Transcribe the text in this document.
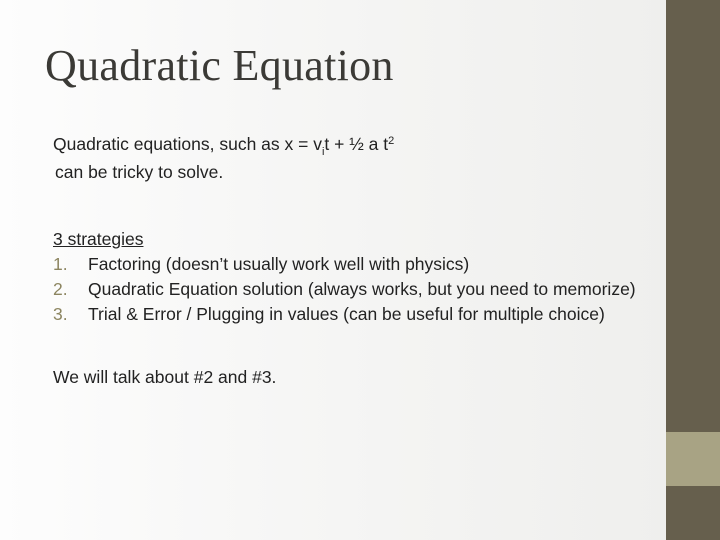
Quadratic Equation

Quadratic equations, such as $x = v_it$ + ½ a $t^2$

can be tricky to solve.

3 strategies

1.	Factoring (doesn’t usually work well with physics)
2.	Quadratic Equation solution (always works, but you need to memorize)
3.	Trial & Error / Plugging in values (can be useful for multiple choice)

We will talk about #2 and #3.
